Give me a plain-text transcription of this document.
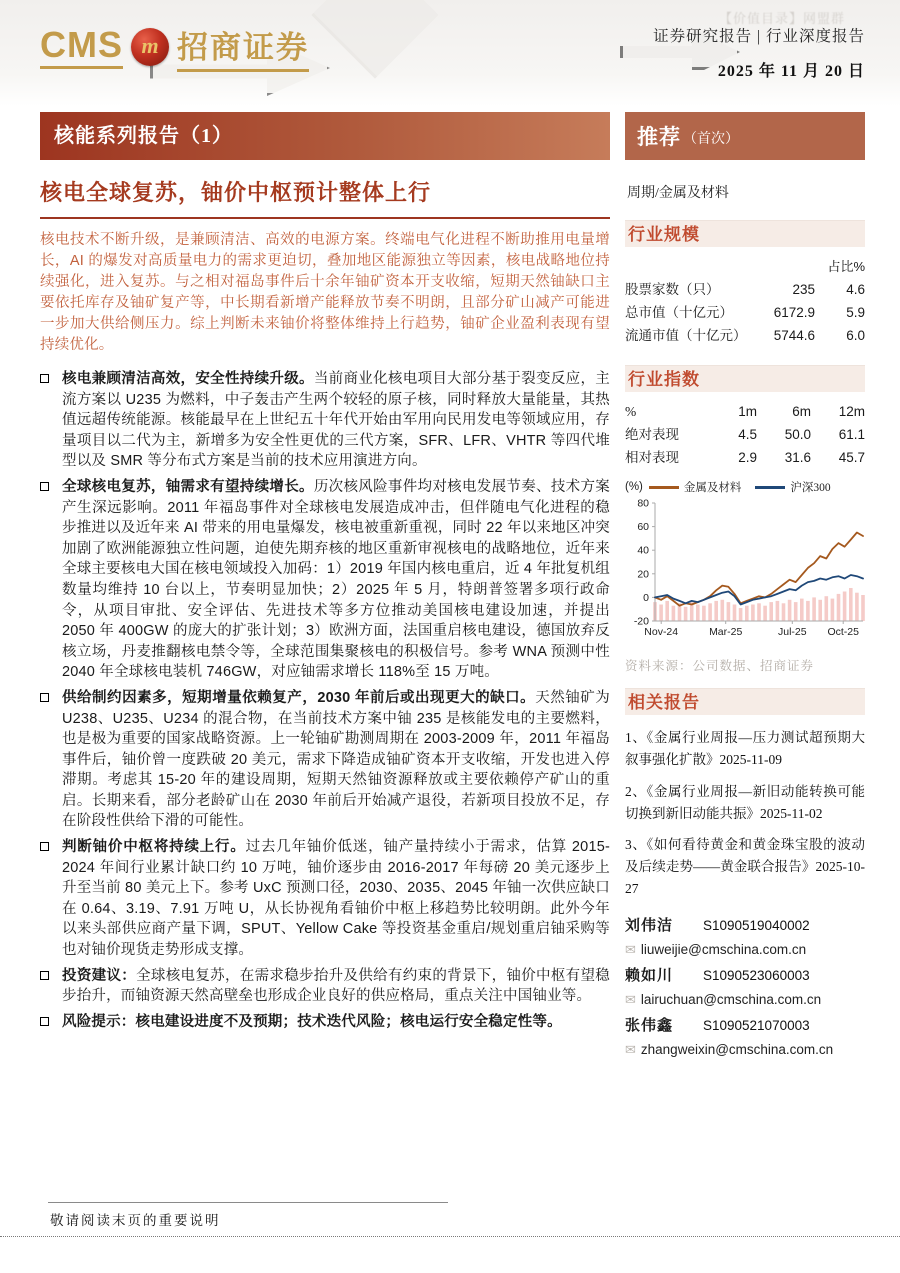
【价值目录】网盟群
CMS m 招商证券	证券研究报告 | 行业深度报告
2025 年 11 月 20 日
核能系列报告（1）
核电全球复苏，铀价中枢预计整体上行
核电技术不断升级，是兼顾清洁、高效的电源方案。终端电气化进程不断助推用电量增长，AI 的爆发对高质量电力的需求更迫切，叠加地区能源独立等因素，核电战略地位持续强化，进入复苏。与之相对福岛事件后十余年铀矿资本开支收缩，短期天然铀缺口主要依托库存及铀矿复产等，中长期看新增产能释放节奏不明朗，且部分矿山减产可能进一步加大供给侧压力。综上判断未来铀价将整体维持上行趋势，铀矿企业盈利表现有望持续优化。
核电兼顾清洁高效，安全性持续升级。当前商业化核电项目大部分基于裂变反应，主流方案以 U235 为燃料，中子轰击产生两个较轻的原子核，同时释放大量能量，其热值远超传统能源。核能最早在上世纪五十年代开始由军用向民用发电等领域应用，存量项目以二代为主，新增多为安全性更优的三代方案，SFR、LFR、VHTR 等四代堆型以及 SMR 等分布式方案是当前的技术应用演进方向。
全球核电复苏，铀需求有望持续增长。历次核风险事件均对核电发展节奏、技术方案产生深远影响。2011 年福岛事件对全球核电发展造成冲击，但伴随电气化进程的稳步推进以及近年来 AI 带来的用电量爆发，核电被重新重视，同时 22 年以来地区冲突加剧了欧洲能源独立性问题，迫使先期弃核的地区重新审视核电的战略地位，近年来全球主要核电大国在核电领域投入加码：1）2019 年国内核电重启，近 4 年批复机组数量均维持 10 台以上，节奏明显加快；2）2025 年 5 月，特朗普签署多项行政命令，从项目审批、安全评估、先进技术等多方位推动美国核电建设加速，并提出 2050 年 400GW 的庞大的扩张计划；3）欧洲方面，法国重启核电建设，德国放弃反核立场，丹麦推翻核电禁令等，全球范围集聚核电的积极信号。参考 WNA 预测中性 2040 年全球核电装机 746GW，对应铀需求增长 118%至 15 万吨。
供给制约因素多，短期增量依赖复产，2030 年前后或出现更大的缺口。天然铀矿为 U238、U235、U234 的混合物，在当前技术方案中铀 235 是核能发电的主要燃料，也是极为重要的国家战略资源。上一轮铀矿勘测周期在 2003-2009 年，2011 年福岛事件后，铀价曾一度跌破 20 美元，需求下降造成铀矿资本开支收缩，开发也进入停滞期。考虑其 15-20 年的建设周期，短期天然铀资源释放或主要依赖停产矿山的重启。长期来看，部分老龄矿山在 2030 年前后开始减产退役，若新项目投放不足，存在阶段性供给下滑的可能性。
判断铀价中枢将持续上行。过去几年铀价低迷，铀产量持续小于需求，估算 2015-2024 年间行业累计缺口约 10 万吨，铀价逐步由 2016-2017 年每磅 20 美元逐步上升至当前 80 美元上下。参考 UxC 预测口径，2030、2035、2045 年铀一次供应缺口在 0.64、3.19、7.91 万吨 U，从长协视角看铀价中枢上移趋势比较明朗。此外今年以来头部供应商产量下调，SPUT、Yellow Cake 等投资基金重启/规划重启铀采购等也对铀价现货走势形成支撑。
投资建议：全球核电复苏，在需求稳步抬升及供给有约束的背景下，铀价中枢有望稳步抬升，而铀资源天然高壁垒也形成企业良好的供应格局，重点关注中国铀业等。
风险提示：核电建设进度不及预期；技术迭代风险；核电运行安全稳定性等。
推荐 （首次）
周期/金属及材料
行业规模
占比%
股票家数（只）	235	4.6
总市值（十亿元）	6172.9	5.9
流通市值（十亿元）	5744.6	6.0
行业指数
%	1m	6m	12m
绝对表现	4.5	50.0	61.1
相对表现	2.9	31.6	45.7
(%)	金属及材料	沪深300
80
60
40
20
0
-20
Nov-24	Mar-25	Jul-25 Oct-25
资料来源：公司数据、招商证券
相关报告
1、《金属行业周报—压力测试超预期大叙事强化扩散》2025-11-09
2、《金属行业周报—新旧动能转换可能切换到新旧动能共振》2025-11-02
3、《如何看待黄金和黄金珠宝股的波动及后续走势——黄金联合报告》2025-10-27
刘伟洁	S1090519040002
✉ liuweijie@cmschina.com.cn
赖如川	S1090523060003
✉ lairuchuan@cmschina.com.cn
张伟鑫	S1090521070003
✉ zhangweixin@cmschina.com.cn
敬请阅读末页的重要说明
